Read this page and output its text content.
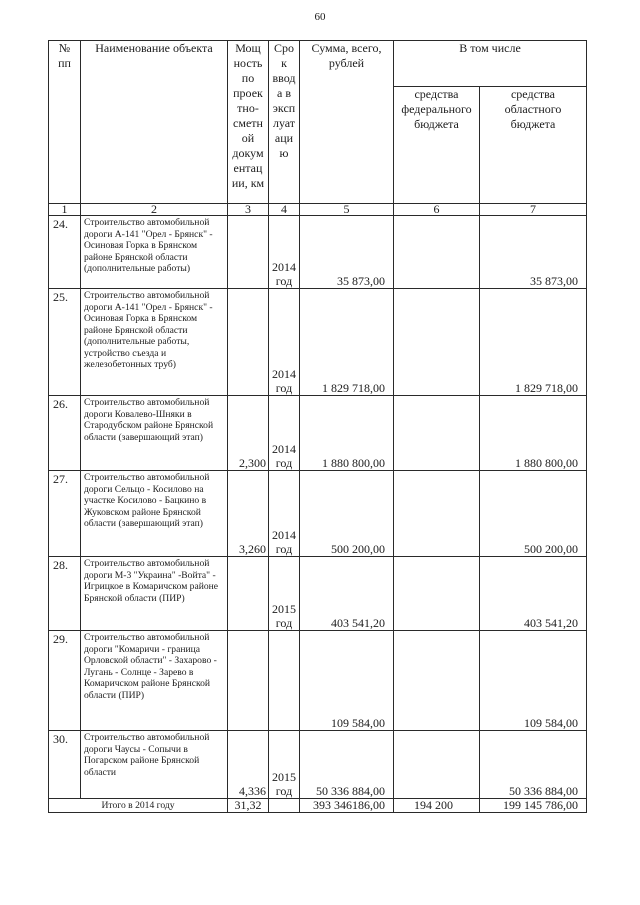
60
№ пп	Наименование объекта	Мощ ность по проек тно- сметн ой докум ентац ии, км	Сро к ввод а в эксп луат аци ю	Сумма, всего, рублей	В том числе	
					средства федерального бюджета	средства областного бюджета
1	2	3	4	5	6	7
24.	Строительство автомобильной дороги А-141 "Орел - Брянск" - Осиновая Горка в Брянском районе Брянской области (дополнительные работы)		2014 год	35 873,00		35 873,00
25.	Строительство автомобильной дороги А-141 "Орел - Брянск" - Осиновая Горка в Брянском районе Брянской области (дополнительные работы, устройство съезда и железобетонных труб)		2014 год	1 829 718,00		1 829 718,00
26.	Строительство автомобильной дороги Ковалево-Шняки в Стародубском районе Брянской области (завершающий этап)	2,300	2014 год	1 880 800,00		1 880 800,00
27.	Строительство автомобильной дороги Сельцо - Косилово на участке Косилово - Бацкино в Жуковском районе Брянской области (завершающий этап)	3,260	2014 год	500 200,00		500 200,00
28.	Строительство автомобильной дороги М-3 "Украина" -Войта" - Игрицкое в Комаричском районе Брянской области (ПИР)		2015 год	403 541,20		403 541,20
29.	Строительство автомобильной дороги "Комаричи - граница Орловской области" - Захарово - Лугань - Солнце - Зарево в Комаричском районе Брянской области (ПИР)			109 584,00		109 584,00
30.	Строительство автомобильной дороги Чаусы - Сопычи в Погарском районе Брянской области	4,336	2015 год	50 336 884,00		50 336 884,00
Итого в 2014 году		31,32		393 346186,00	194 200	199 145 786,00
